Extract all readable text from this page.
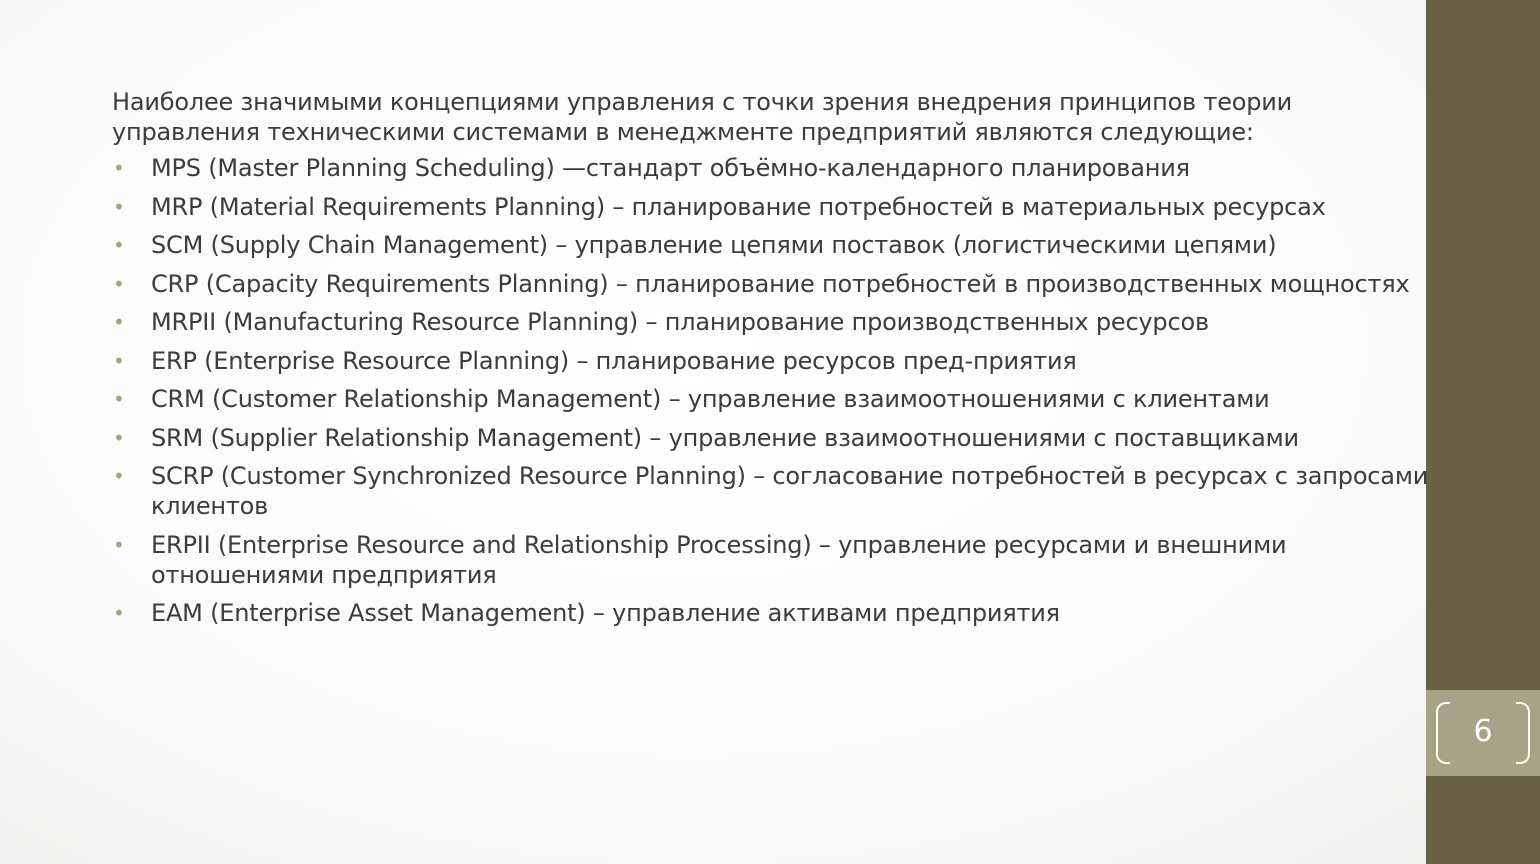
6

Наиболее значимыми концепциями управления с точки зрения внедрения принципов теории управления техническими системами в менеджменте предприятий являются следующие:

• MPS (Master Planning Scheduling) —стандарт объёмно-календарного планирования
• MRP (Material Requirements Planning) – планирование потребностей в материальных ресурсах
• SCM (Supply Chain Management) – управление цепями поставок (логистическими цепями)
• CRP (Capacity Requirements Planning) – планирование потребностей в производственных мощностях
• MRPII (Manufacturing Resource Planning) – планирование производственных ресурсов
• ERP (Enterprise Resource Planning) – планирование ресурсов пред-приятия
• CRM (Customer Relationship Management) – управление взаимоотношениями с клиентами
• SRM (Supplier Relationship Management) – управление взаимоотношениями с поставщиками
• SCRP (Customer Synchronized Resource Planning) – согласование потребностей в ресурсах с запросами клиентов
• ERPII (Enterprise Resource and Relationship Processing) – управление ресурсами и внешними отношениями предприятия
• EAM (Enterprise Asset Management) – управление активами предприятия
